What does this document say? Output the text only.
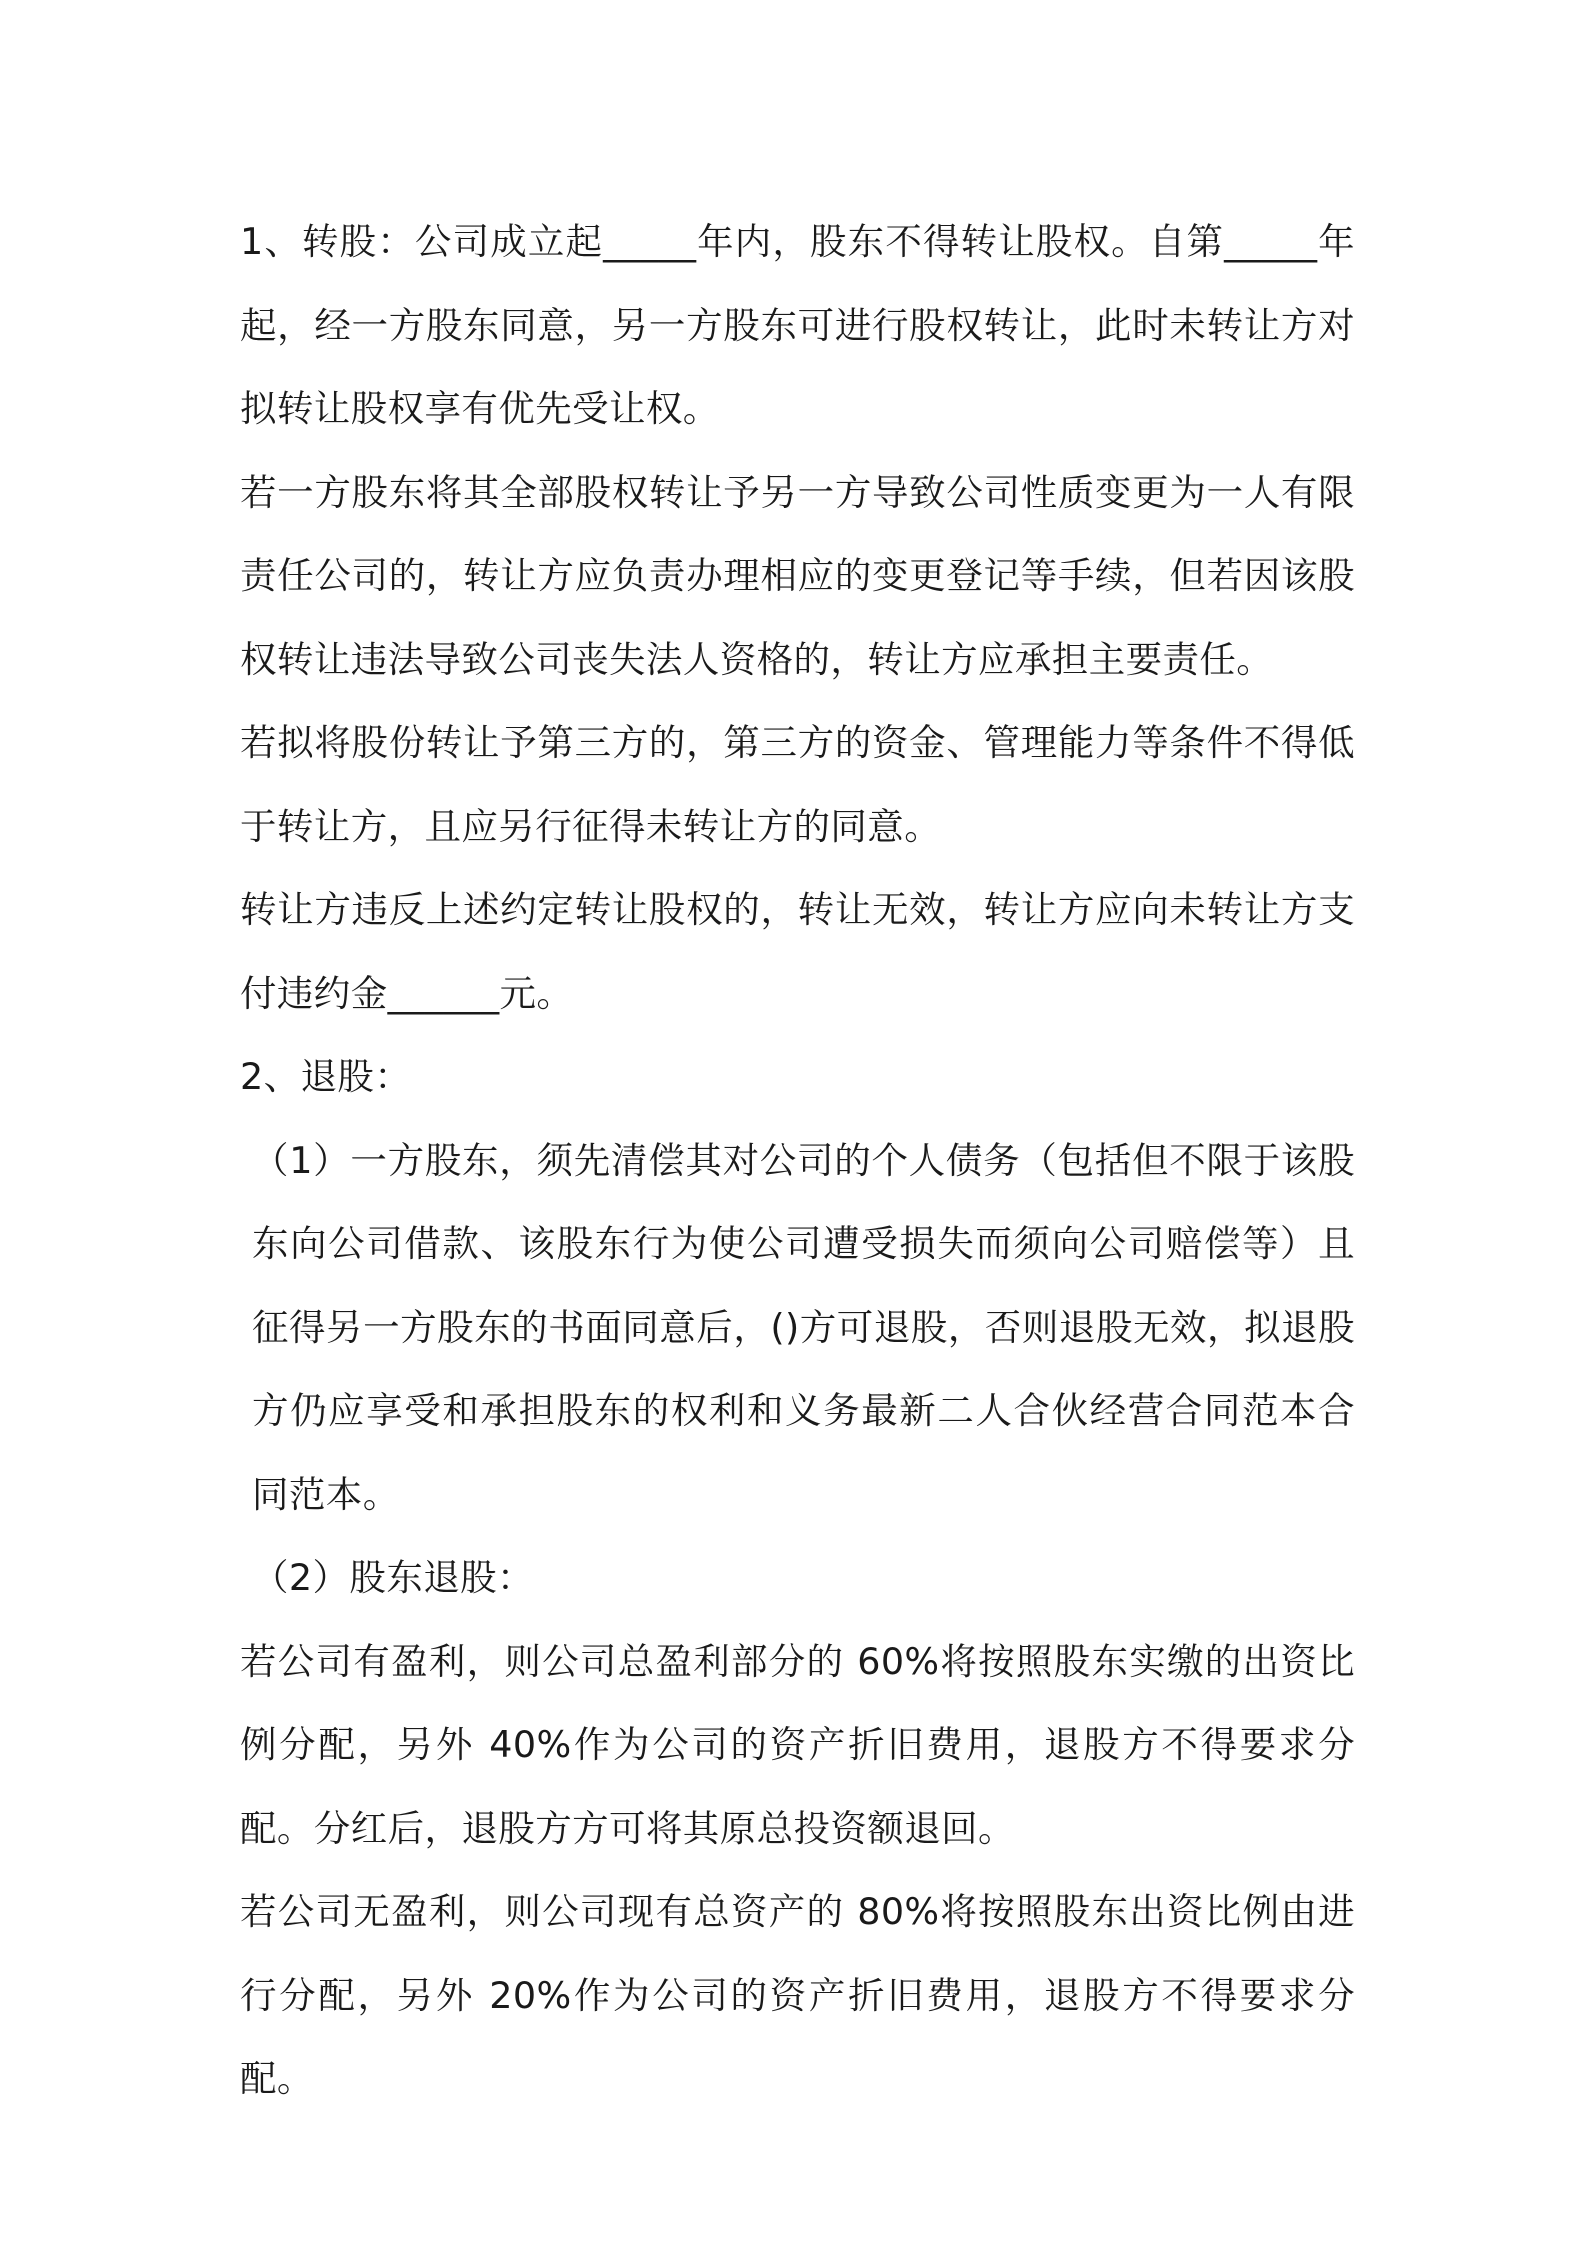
1、转股：公司成立起_____年内，股东不得转让股权。自第_____年起，经一方股东同意，另一方股东可进行股权转让，此时未转让方对拟转让股权享有优先受让权。

若一方股东将其全部股权转让予另一方导致公司性质变更为一人有限责任公司的，转让方应负责办理相应的变更登记等手续，但若因该股权转让违法导致公司丧失法人资格的，转让方应承担主要责任。

若拟将股份转让予第三方的，第三方的资金、管理能力等条件不得低于转让方，且应另行征得未转让方的同意。

转让方违反上述约定转让股权的，转让无效，转让方应向未转让方支付违约金______元。

2、退股：

（1）一方股东，须先清偿其对公司的个人债务（包括但不限于该股东向公司借款、该股东行为使公司遭受损失而须向公司赔偿等）且征得另一方股东的书面同意后，()方可退股，否则退股无效，拟退股方仍应享受和承担股东的权利和义务最新二人合伙经营合同范本合同范本。

（2）股东退股：

若公司有盈利，则公司总盈利部分的 60%将按照股东实缴的出资比例分配，另外 40%作为公司的资产折旧费用，退股方不得要求分配。分红后，退股方方可将其原总投资额退回。

若公司无盈利，则公司现有总资产的 80%将按照股东出资比例由进行分配，另外 20%作为公司的资产折旧费用，退股方不得要求分配。
